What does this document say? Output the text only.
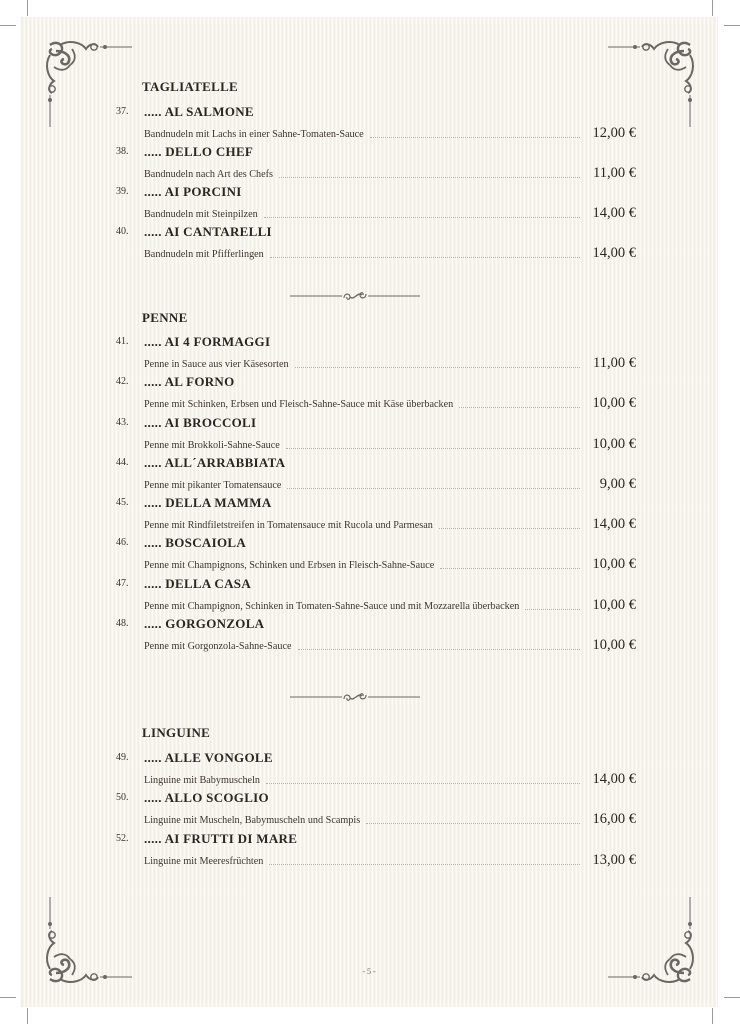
TAGLIATELLE
37. ..... AL SALMONE
Bandnudeln mit Lachs in einer Sahne-Tomaten-Sauce	12,00 €
38. ..... DELLO CHEF
Bandnudeln nach Art des Chefs	11,00 €
39. ..... AI PORCINI
Bandnudeln mit Steinpilzen	14,00 €
40. ..... AI CANTARELLI
Bandnudeln mit Pfifferlingen	14,00 €
PENNE
41. ..... AI 4 FORMAGGI
Penne in Sauce aus vier Käsesorten	11,00 €
42. ..... AL FORNO
Penne mit Schinken, Erbsen und Fleisch-Sahne-Sauce mit Käse überbacken	10,00 €
43. ..... AI BROCCOLI
Penne mit Brokkoli-Sahne-Sauce	10,00 €
44. ..... ALL´ARRABBIATA
Penne mit pikanter Tomatensauce	9,00 €
45. ..... DELLA MAMMA
Penne mit Rindfiletstreifen in Tomatensauce mit Rucola und Parmesan	14,00 €
46. ..... BOSCAIOLA
Penne mit Champignons, Schinken und Erbsen in Fleisch-Sahne-Sauce	10,00 €
47. ..... DELLA CASA
Penne mit Champignon, Schinken in Tomaten-Sahne-Sauce und mit Mozzarella überbacken	10,00 €
48. ..... GORGONZOLA
Penne mit Gorgonzola-Sahne-Sauce	10,00 €
LINGUINE
49. ..... ALLE VONGOLE
Linguine mit Babymuscheln	14,00 €
50. ..... ALLO SCOGLIO
Linguine mit Muscheln, Babymuscheln und Scampis	16,00 €
52. ..... AI FRUTTI DI MARE
Linguine mit Meeresfrüchten	13,00 €
- 5 -
